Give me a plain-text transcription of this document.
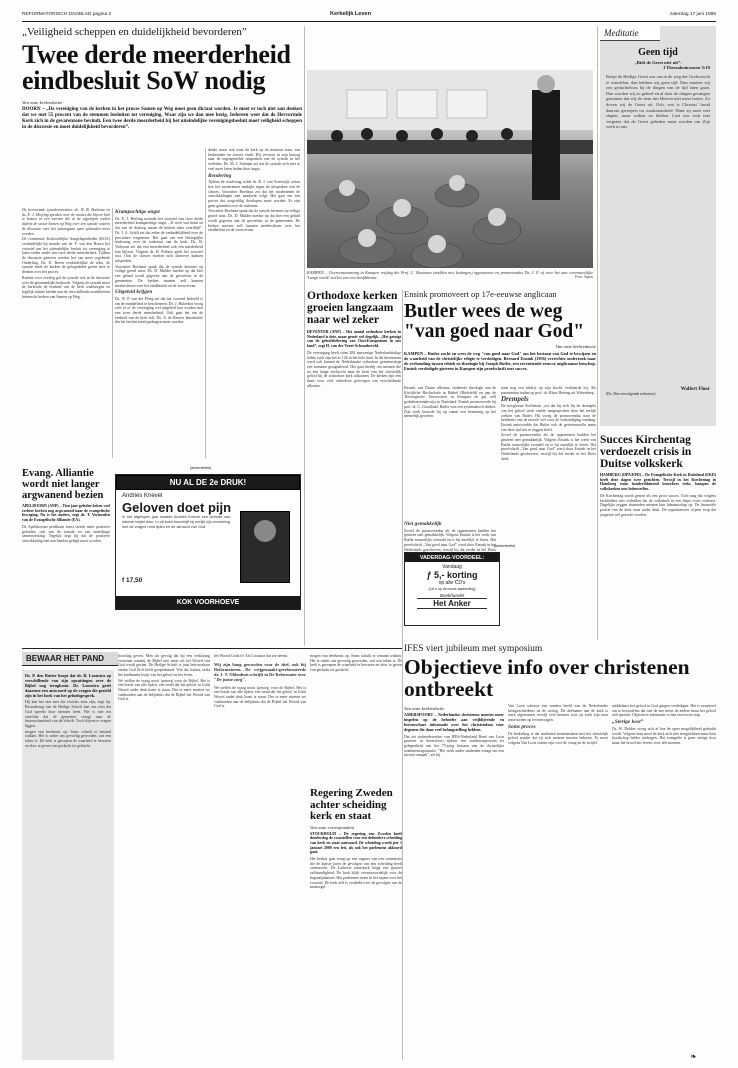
REFORMATORISCH DAGBLAD pagina 2	Kerkelijk Leven	zaterdag 17 juni 1995
„Veiligheid scheppen en duidelijkheid bevorderen”
Twee derde meerderheid eindbesluit SoW nodig
Van onze kerkredactie
DOORN – „De vereniging van de kerken in het proces Samen op Weg moet geen dictaat worden. Je moet er toch niet aan denken dat we met 55 procent van de stemmen besluiten tot vereniging. Waar zijn we dan mee bezig. Iedereen weet dat de Hervormde Kerk zich in de gevarenzone bevindt. Een twee derde meerderheid bij het uiteindelijke verenigingsbesluit moet veiligheid scheppen in de discussie en moet duidelijkheid bevorderen”.

De hervormde synodevoorzitter ds. W. B. Boelsma en ds. E. J. Heijting spraken over de moties die bijeen leek te komen in een toernee die in de afgelopen weken tijdens de sessie Samen op Weg over een synode waarin de discussie over het samengaan open gehouden moet worden.

De commissie Kerkordelijke Aangelegenheden (KOA) verduidelijkt bij monde van ds. F. van den Hoorn het voorstel om het uiteindelijke besluit tot vereniging te laten vallen onder een twee derde meerderheid. Tijdens de discussie gisteren werden het van meer regelende Onderling. Ds. D. Breen verduidelijkte de tekst, de synode moet de kerken de gelegenheid geven mee te denken over het proces.

Ruimte voor overleg gaf de synode ook in de discussie over de gezamenlijke kerkorde. Volgens de synode moet de kerkorde de eenheid van de kerk waarborgen en tegelijk ruimte bieden aan de verschillende modaliteiten binnen de kerken van Samen op Weg.

Krampachtige angst

Ds. E. J. Heffing noemde het voorstel van twee derde meerderheid krampachtige angst. „Je weet wat komt en dat van de dialoog tussen de kerken niets overblijft”. Ds. J. A. Schilt zei dat zeker de onduidelijkheid over de procedure wegneemt. Het gaat om een belangrijke beslissing over de toekomst van de kerk. Ds. W. Verboom zei dat een meerderheid ook een minderheid kan blijven. Volgens ds. H. Polhuis geeft het voorstel rust. Ook de classes moeten zich daarover kunnen uitspreken.

Voorzitter Boelsma sprak dat de synode hiermee op veilige grond staat. Ds. D. Mulder merkte op dat hier een geluid wordt gegeven aan de gevoelens in de gemeenten. De kerken moeten zelf kunnen meebeslissen over het eindbesluit en de vorm ervan.

Uitgeleid krijgen

Ds. W. P. van der Ploeg zei dat het voorstel bedoeld is om de minderheid te beschermen. Ds. J. Hulzebos vroeg zich af of de vereniging wel uitgeleid kan worden met een twee derde meerderheid. Ook gaat het om de eenheid van de kerk zelf. Ds. A. de Reuver benadrukte dat het besluit breed gedragen moet worden.

denkt, maar ook waar de kerk op de moment staat, van kerkeraden en classes vindt. Hij verwees in zijn betoog naar de tegengestelde uitspraken van de synode in het verleden. Ds. M. J. Stalman zei dat de synode zich niet te veel moet laten leiden door angst.

Rendering

Tijdens de rondvraag wilde ds. B. J. van Vreeswijk weten hoe het moderamen aankijkt tegen de uitspraken van de classes. Voorzitter Boelsma zei dat het moderamen de ontwikkelingen met aandacht volgt. Het gaat om een proces dat zorgvuldig doorlopen moet worden. Er zijn geen garanties over de uitkomst.

Voorzitter Boelsma sprak dat de synode hiermee op veilige grond staat. Ds. D. Mulder merkte op dat hier een geluid wordt gegeven aan de gevoelens in de gemeenten. De kerken moeten zelf kunnen meebeslissen over het eindbesluit en de vorm ervan.

KAMPEN – Overeenstemming in Kampen vrijdag die Prof. C. Houtman (midden met kettingen) opponenten en promovendus Ds. J. F. af voor het aan vertrouwelijke 'Lange nacht' stellen van een hoofdthema.	Foto: Aupen
Meditatie
Geen tijd
„Bidt de Geest niet uit”.
I Thessalonicenzen 5:19
Roept de Heilige Geest ons om in de weg der Godsvrucht te wandelen, dan hebben wij geen tijd. Dan moeten wij ons gedachteloos bij de dingen van de tijd laten gaan. Dan worden wij zo geheel en al door de dingen gevangen genomen dat wij de stem des Heeren niet meer horen. Zo doven wij de Geest uit. Och, wat is Christus' bruid daarom geroepen tot waakzaamheid. Want zij moet niet slapen, maar waken en bidden. Laat ons toch niet vergeten dat de Geest gebeden moet worden om Zijn werk in ons.
Walfert Floor
(Ds. Ben vervolgende redacteur)
Orthodoxe kerken groeien langzaam naar wel zeker
DEVENTER (ANP) – Het aantal orthodoxe kerken in Nederland is drie, maar groeit wel degelijk. „Het getuigt van de geloofsbeleving van Oost-Europeanen in ons land”, zegt H. van der Voort-Schoonheveld.
De vereniging heeft ruim 200 aanwezige Nederlandstalige leden, toch zijn het er 128 in het hele land. In dit decennium werd ook binnen de Nederlandse orthodoxe gemeenschap een toename gesignaleerd. Het gaat hierbij om mensen die na een lange zoektocht naar de kern van het christelijk geloof bij de orthodoxe kerk uitkomen. De kerken zijn een thuis voor vele orthodoxe gelovigen van verschillende afkomst.
Ensink promoveert op 17e-eeuwse anglicaan
Butler wees de weg "van goed naar God"
Van onze kerkredactie
KAMPEN – Butler zocht en wees de weg "van goed naar God" om het bestaan van God te bewijzen en de waarheid van de christelijke religie te verdedigen. Bernard Ensink (1956) verrichtte onderzoek naar de verhouding tussen ethiek en theologie bij Joseph Butler, een zeventiende-eeuwse anglicaanse bisschop. Ensink verdedigde gisteren in Kampen zijn proefschrift met succes.

Ensink, van Duitse afkomst, studeerde theologie aan de Kirchliche Hochschule in Bethel (Bielefeld) en aan de Theologische Universiteit in Kampen en gaf zelf godsdienstonderwijs in Duitsland. Ensink promoveerde bij prof. dr. C. Graafland. Butler was een systematisch denker. Zijn werk bouwde hij op vanuit een bezinning op het menselijk geweten.

Niet gemakkelijk

Zowel de promovendus als de opponenten hadden het gisteren niet gemakkelijk. Volgens Ensink is het werk van Butler nauwelijks vertaald en is hij moeilijk te lezen. Het proefschrift „Van goed naar God” werd door Ensink in het Nederlands geschreven, terwijl hij dat eerder in het Duits

staat nog een bisdrje op zijn hoofd, verklaarde hij. Als paranimfen traden op prof. dr. Klaas Heiring uit Wittenberg.

Drempels

De hoogleraar Koffeman „zei dat hij zich bij de drempels van het geloof sterk voelde aangesproken door het eerlijk zoeken van Butler. Hij vroeg de promovendus naar de betekenis van de morele wet voor de verkondiging vandaag. Ensink antwoordde dat Butler ook de gewetensvolle mens van deze tijd iets te zeggen heeft.

Zowel de promovendus als de opponenten hadden het gisteren niet gemakkelijk. Volgens Ensink is het werk van Butler nauwelijks vertaald en is hij moeilijk te lezen. Het proefschrift „Van goed naar God” werd door Ensink in het Nederlands geschreven, terwijl hij dat eerder in het Duits deed.

(advertentie)
NU AL DE 2e DRUK!
Andries Knevel
Geloven doet pijn
In het afgelopen jaar maakte Andries Knevel een periode van intense twijfel door. In dit boek beschrijft hij eerlijk zijn worsteling met de vragen rond lijden en de almacht van God.
f 17,50
KOK VOORHOEVE
(advertentie)
VADERDAG-VOORDEEL:
Vandaag
ƒ 5,- korting
op alle CD's
(Let u op de mooie aanbieding)
Boekhandel
Het Anker
Evang. Alliantie wordt niet langer argwanend bezien
APELDOORN (ANP) – Tien jaar geleden keken veel rechtse kerken nog argwanend naar de evangelische beweging. Nu is het anders, zegt ds. T. Vermeulen van de Evangelische Alliantie (EA).
De Apeldoornse predikant hoort steeds meer positieve geluiden, ook van de synode en van onderlinge samenwerking. Tegelijk zegt hij dat de positieve ontwikkeling niet aan banden gelegd moet worden.
Succes Kirchentag verdoezelt crisis in Duitse volkskerk
HAMBURG (DPA/EPD) – De Evangelische Kerk in Duitsland (EKD) heeft deze dagen twee gezichten. Terwijl in het Kirchentag in Hamburg ruim honderdduizend bezoekers trekt, kampen de volkskerken met ledenverlies.
De Kirchentag wordt gezien als een groot succes. Toch mag dat volgens kerkleiders niet verhullen dat de volkskerk in een diepe crisis verkeert. Dagelijks zeggen duizenden mensen hun lidmaatschap op. De financiële positie van de kerk staat onder druk. De organisatoren wijzen erop dat jongeren wel gezocht worden.
BEWAAR HET PAND
Ds. P. den Butter hoopt dat dr. B. Loonstra op verschillende van zijn opvattingen over de Bijbel nog terugkomt. Dr. Loonstra geeft daarmee een antwoord op de vragen die gesteld zijn in het boek van het geloofsgesprek.
Hij kan het niet met die reacties eens zijn, zegt hij. Bestudering van de Heilige Schrift laat ons zien dat God spreekt door mensen heen. Het is niet ten onrechte dat de gemeente vraagt naar de betrouwbaarheid van de Schrift. Toch blijven er vragen liggen.
mogen van betekenis op. Soms schuilt er iemand wakker. Het is onder ons gevoelig geworden, wat een teken is. De kerk is geroepen de waarheid te bewaren en door te geven van geslacht tot geslacht.

doorslag geven. Men als gevolg dat hij een verklaring voorstaat waarbij de Bijbel niet meer als het Woord van God wordt gezien. De Heilige Schrift is juist betrouwbaar omdat God Zich heeft geopenbaard. Wie dat loslaat, raakt het fundament kwijt van het geloof en het leven.

We stellen de vraag nooit 'genoeg' voor de Bijbel. Het is een breuk van alle tijden, een trend dat het geloof in Gods Woord onder druk komt te staan. Des te meer moeten we vasthouden aan de belijdenis dat de Bijbel het Woord van God is.

het Woord Gods is! Als Loonstra dat toe neemt.

Wij zijn bang geworden voor de titel, ook bij Reformatoren. De vrijgemaakt-gereformeerde dr. J. T. Oldenhuis schrijft in De Reformatie over "De juiste zorg".

We stellen de vraag nooit 'genoeg' voor de Bijbel. Het is een breuk van alle tijden, een trend dat het geloof in Gods Woord onder druk komt te staan. Des te meer moeten we vasthouden aan de belijdenis dat de Bijbel het Woord van God is.

mogen van betekenis op. Soms schuilt er iemand wakker. Het is onder ons gevoelig geworden, wat een teken is. De kerk is geroepen de waarheid te bewaren en door te geven van geslacht tot geslacht.

Regering Zweden achter scheiding kerk en staat
Van onze correspondent
STOCKHOLM – De regering van Zweden heeft donderdag de voorstellen voor een definitieve scheiding van kerk en staat aanvaard. De scheiding wordt per 1 januari 2000 een feit, als ook het parlement akkoord gaat.
Het besluit gaat terug op een rapport van een commissie die de laatste jaren de gevolgen van een scheiding heeft onderzocht. De Lutherse staatskerk krijgt een grotere zelfstandigheid. De kerk blijft verantwoordelijk voor de begraafplaatsen. Het parlement stemt in het najaar over het voorstel. De kerk zelf is verdeeld over de gevolgen van de maatregel.
IFES viert jubileum met symposium
Objectieve info over christenen ontbreekt
Van onze kerkredactie
AMERSFOORT – Nederlandse christenen moeten meer inspelen op de behoefte aan vrijblijvende en betrouwbare informatie over het christendom voor degenen die daar veel belangstelling hebben.
Dat zei stafmedewerker van IFES-Nederland René van Loon gisteren in Amersfoort tijdens een studiesymposium ter gelegenheid van het 75-jarig bestaan van de christelijke studentenorganisatie. "Het werk onder studenten vraagt om een nieuwe aanpak", zei hij.

Van Loon schetste een somber beeld van de Nederlandse kerkgeschiedenis na de oorlog. De deelname aan de kerk is sterk afgenomen, terwijl veel mensen toch op zoek zijn naar antwoorden op levensvragen.

Soms proces

De bedoeling is dat studenten kennismaken met het christelijk geloof zonder dat zij zich meteen moeten bekeren. Er moet volgens Van Loon ruimte zijn voor de vraag en de twijfel.

middelaars het geloof in God gingen verdedigen. Het is essentieel om te beoordelen dat niet de ene mens de andere maar het geloof zelf spreekt. Objectieve informatie is dan een eerste stap.

„Sterige kost”

Ds. W. Dekker vroeg zich af hoe de open mogelijkheid gebruikt wordt. Volgens hem moet de kerk zich niet terugtrekken maar haar boodschap helder uitdragen. Het evangelie is geen sterige kost maar het brood des levens voor alle mensen.

❧
